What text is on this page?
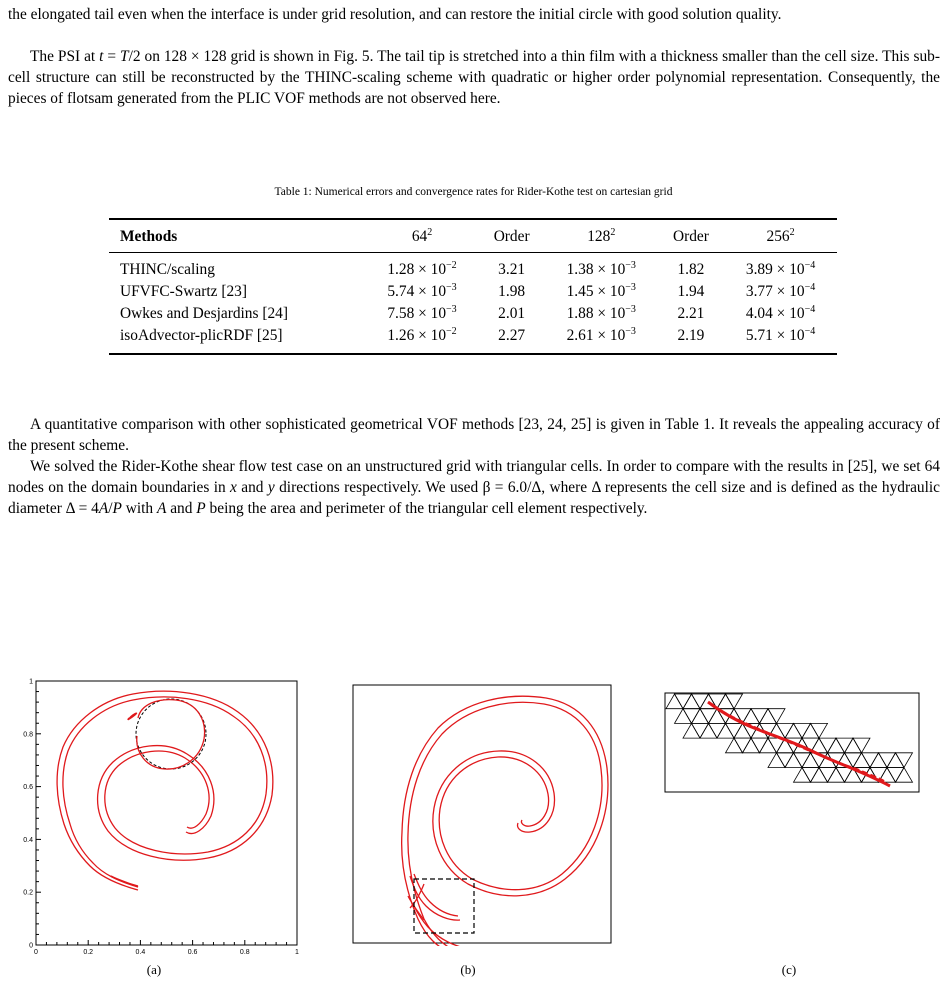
the elongated tail even when the interface is under grid resolution, and can restore the initial circle with good solution quality.

The PSI at t = T/2 on 128 × 128 grid is shown in Fig. 5. The tail tip is stretched into a thin film with a thickness smaller than the cell size. This sub-cell structure can still be reconstructed by the THINC-scaling scheme with quadratic or higher order polynomial representation. Consequently, the pieces of flotsam generated from the PLIC VOF methods are not observed here.

Table 1: Numerical errors and convergence rates for Rider-Kothe test on cartesian grid
Methods	$64^2$	Order	$128^2$	Order	$256^2$
THINC/scaling	$1.28 \times 10^{-2}$	3.21	$1.38 \times 10^{-3}$	1.82	$3.89 \times 10^{-4}$
UFVFC-Swartz [23]	$5.74 \times 10^{-3}$	1.98	$1.45 \times 10^{-3}$	1.94	$3.77 \times 10^{-4}$
Owkes and Desjardins [24]	$7.58 \times 10^{-3}$	2.01	$1.88 \times 10^{-3}$	2.21	$4.04 \times 10^{-4}$
isoAdvector-plicRDF [25]	$1.26 \times 10^{-2}$	2.27	$2.61 \times 10^{-3}$	2.19	$5.71 \times 10^{-4}$

A quantitative comparison with other sophisticated geometrical VOF methods [23, 24, 25] is given in Table 1. It reveals the appealing accuracy of the present scheme.

We solved the Rider-Kothe shear flow test case on an unstructured grid with triangular cells. In order to compare with the results in [25], we set 64 nodes on the domain boundaries in x and y directions respectively. We used β = 6.0/Δ, where Δ represents the cell size and is defined as the hydraulic diameter Δ = 4A/P with A and P being the area and perimeter of the triangular cell element respectively.

0	0.2	0.4	0.6	0.8	1
0
0.2
0.4
0.6
0.8
1
(a)	(b)	(c)
